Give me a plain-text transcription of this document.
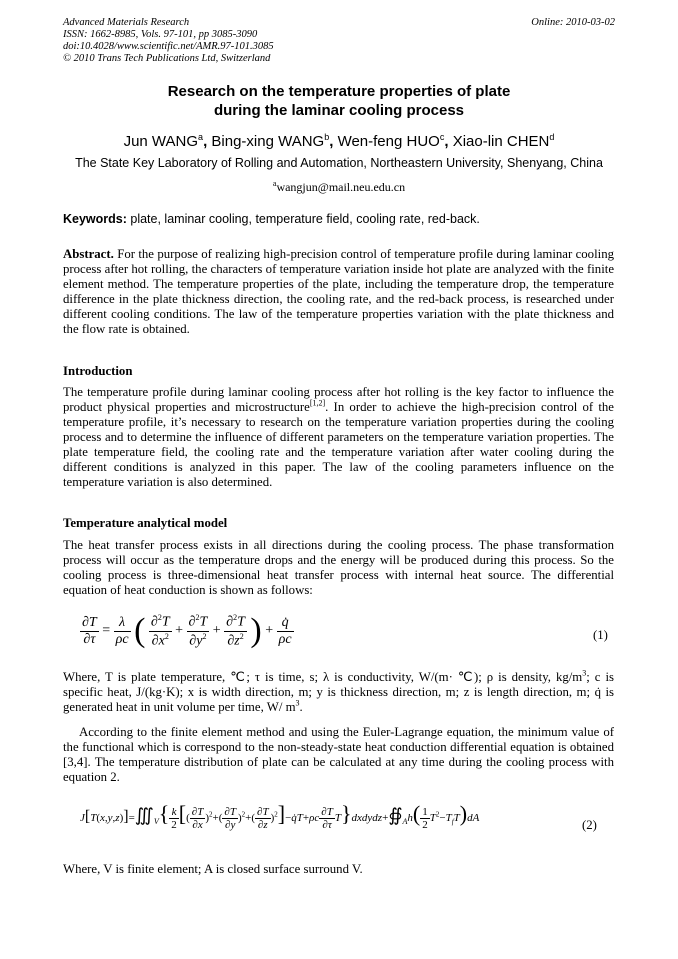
Advanced Materials Research
ISSN: 1662-8985, Vols. 97-101, pp 3085-3090
doi:10.4028/www.scientific.net/AMR.97-101.3085
© 2010 Trans Tech Publications Ltd, Switzerland
Online: 2010-03-02
Research on the temperature properties of plate
during the laminar cooling process
Jun WANG$^a$, Bing-xing WANG$^b$, Wen-feng HUO$^c$, Xiao-lin CHEN$^d$
The State Key Laboratory of Rolling and Automation, Northeastern University, Shenyang, China
$^a$wangjun@mail.neu.edu.cn
Keywords: plate, laminar cooling, temperature field, cooling rate, red-back.
Abstract. For the purpose of realizing high-precision control of temperature profile during laminar cooling process after hot rolling, the characters of temperature variation inside hot plate are analyzed with the finite element method. The temperature properties of the plate, including the temperature drop, the temperature difference in the plate thickness direction, the cooling rate, and the red-back process, is researched under different cooling conditions. The law of the temperature properties variation with the plate thickness and the flow rate is obtained.
Introduction
The temperature profile during laminar cooling process after hot rolling is the key factor to influence the product physical properties and microstructure[1,2]. In order to achieve the high-precision control of the temperature profile, it’s necessary to research on the temperature variation properties during the cooling process and to determine the influence of different parameters on the temperature variation properties. The plate temperature field, the cooling rate and the temperature variation after water cooling during the different conditions is analyzed in this paper. The law of the cooling parameters influence on the temperature variation is also determined.
Temperature analytical model
The heat transfer process exists in all directions during the cooling process. The phase transformation process will occur as the temperature drops and the energy will be produced during this process. So the cooling process is three-dimensional heat transfer process with internal heat source. The differential equation of heat conduction is shown as follows:
$\frac{\partial T}{\partial\tau} = \frac{\lambda}{\rho c}$ ( $\frac{\partial^2T}{\partial x^2} + \frac{\partial^2T}{\partial y^2} + \frac{\partial^2T}{\partial z^2}$ ) + $\frac{q̇}{\rho c}$	(1)
Where, T is plate temperature, ℃; τ is time, s; λ is conductivity, W/(m· ℃); ρ is density, $kg/m^3$; c is specific heat, J/(kg·K); x is width direction, m; y is thickness direction, m; z is length direction, m; q̇ is generated heat in unit volume per time, W/ $m^3$.
According to the finite element method and using the Euler-Lagrange equation, the minimum value of the functional which is correspond to the non-steady-state heat conduction differential equation is obtained [3,4]. The temperature distribution of plate can be calculated at any time during the cooling process with equation 2.
$J[T(x,y,z)]=∭_V\{ \frac{k}{2}$ [( $\frac{\partial T}{\partial x} )^2+( \frac{\partial T}{\partial y} )^2+( \frac{\partial T}{\partial z}$ )$^2]-q̇T+\rho c \frac{\partial T}{\partial\tau}$ $T\}dxdydz+∯_Ah( \frac{1}{2} T^2-T_fT)dA$	(2)
Where, V is finite element; A is closed surface surround V.
